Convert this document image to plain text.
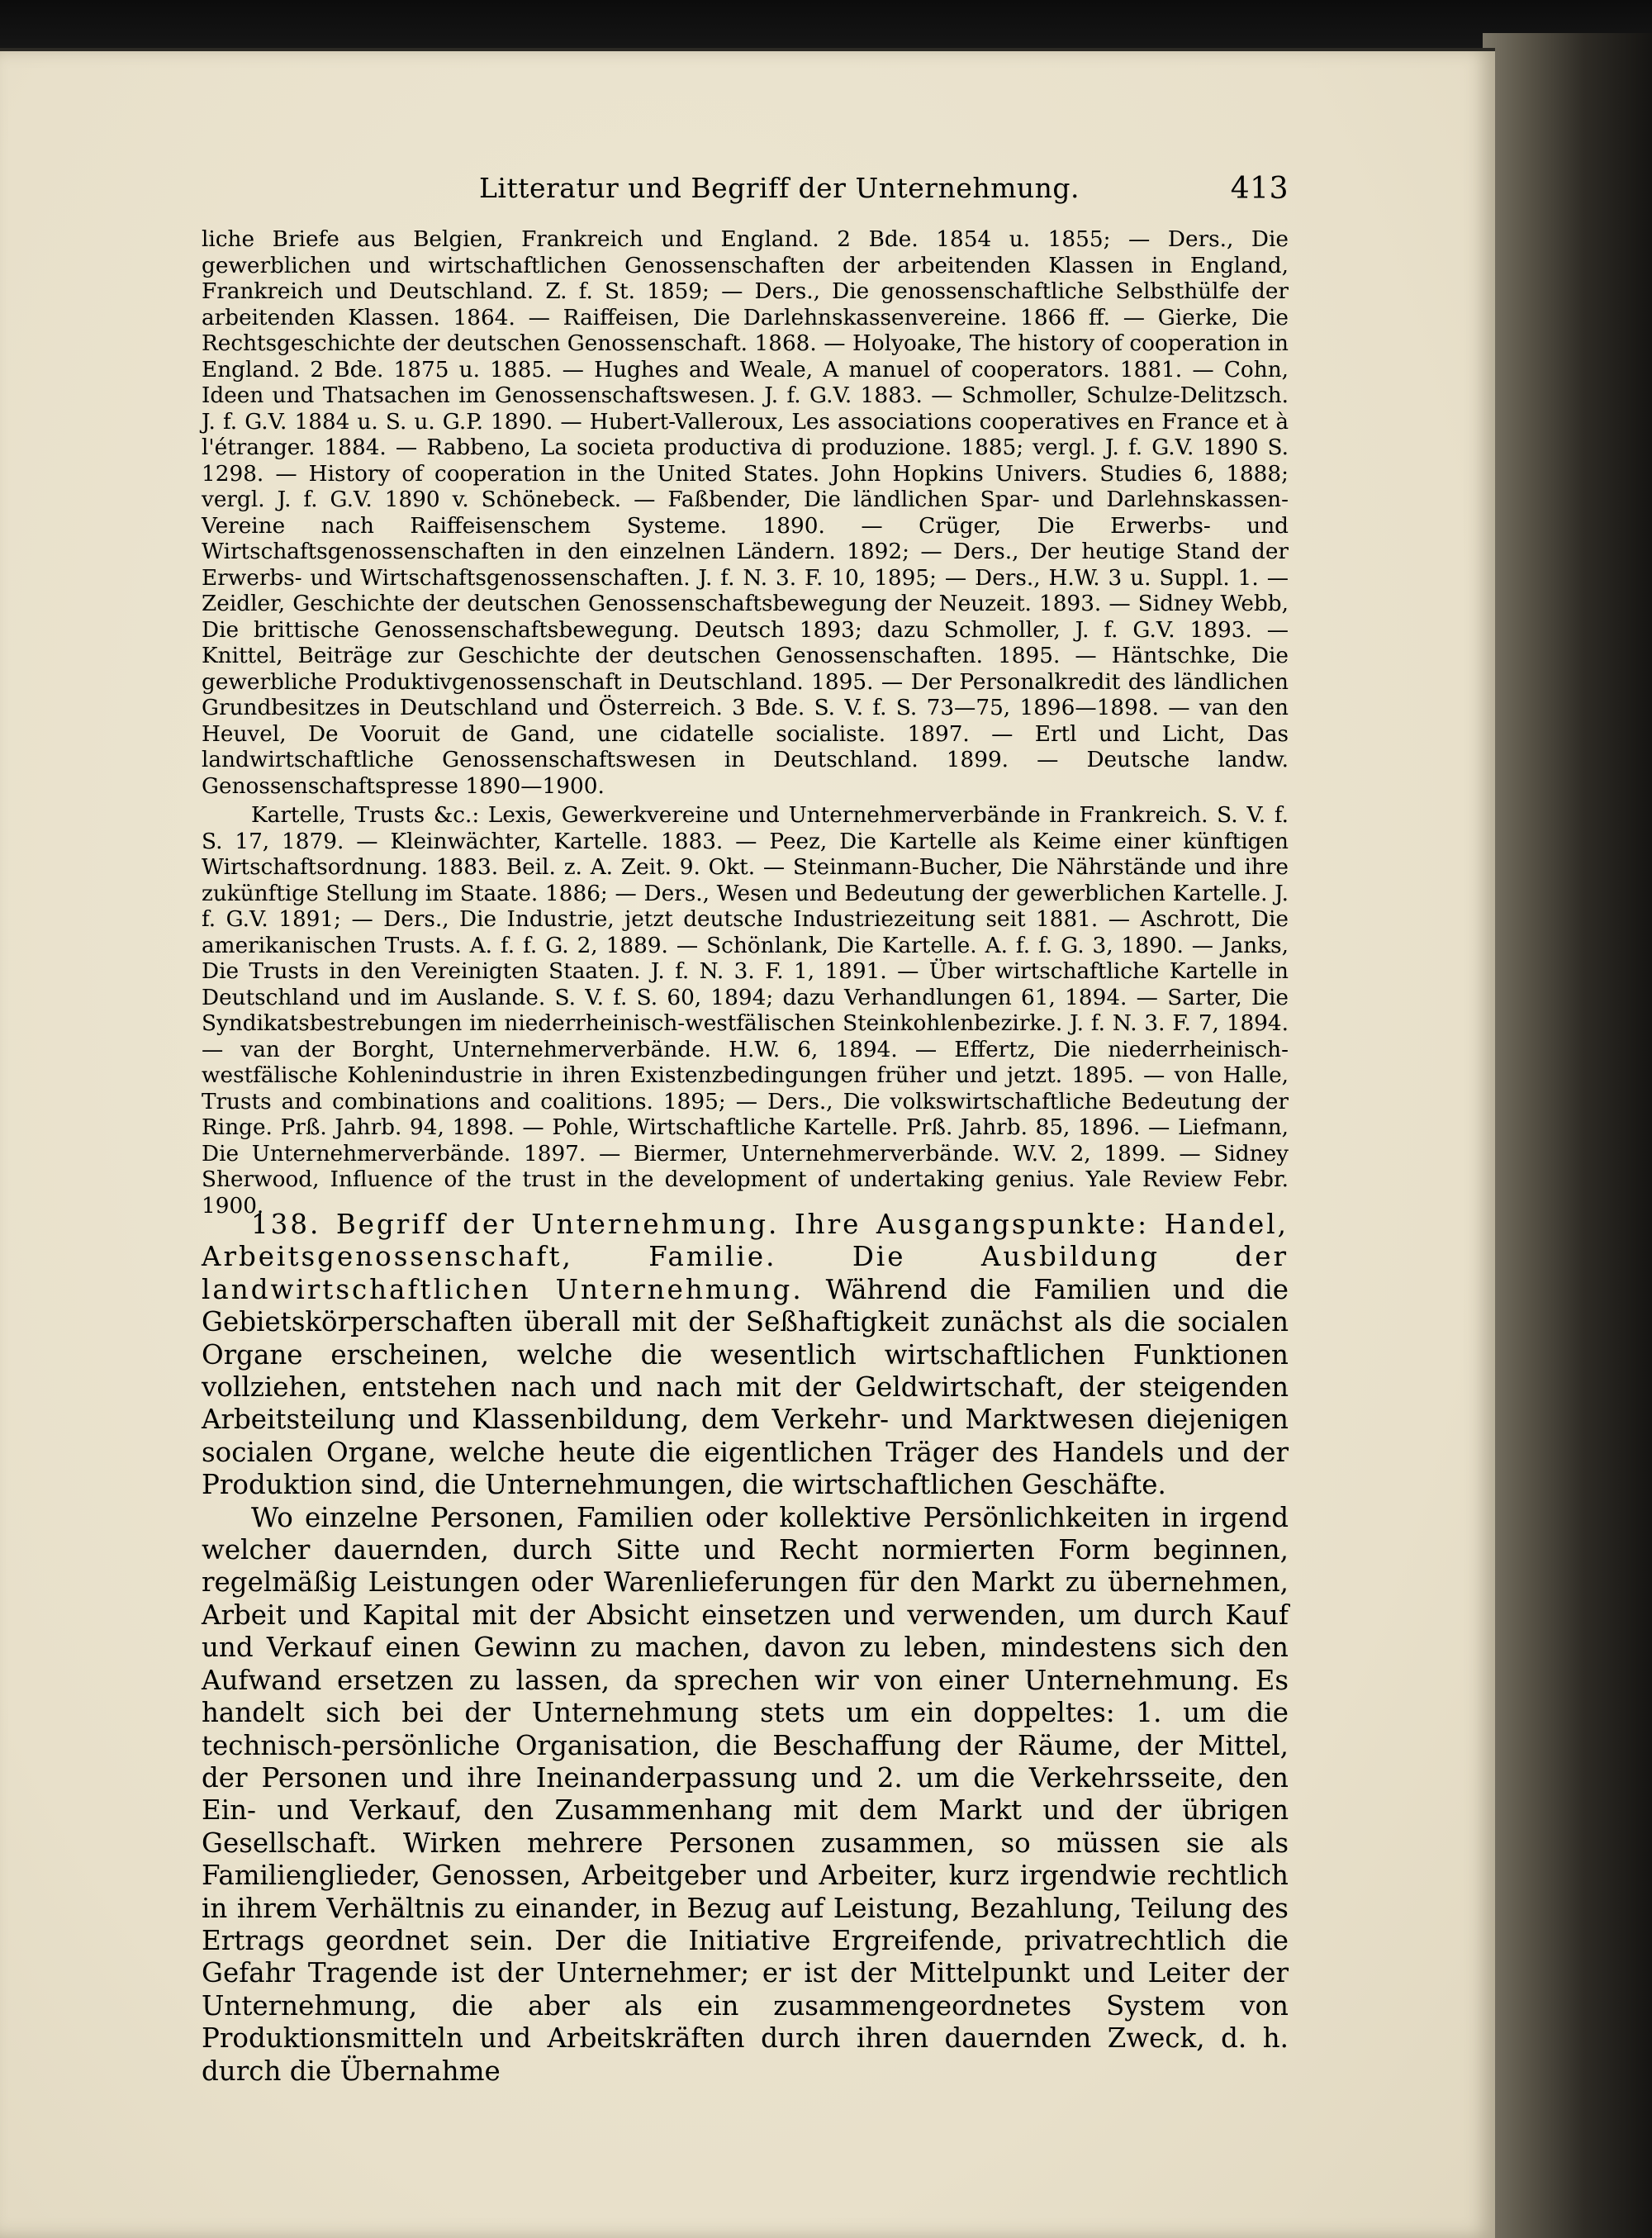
Litteratur und Begriff der Unternehmung.	413

liche Briefe aus Belgien, Frankreich und England. 2 Bde. 1854 u. 1855; — Ders., Die gewerblichen und wirtschaftlichen Genossenschaften der arbeitenden Klassen in England, Frankreich und Deutschland. Z. f. St. 1859; — Ders., Die genossenschaftliche Selbsthülfe der arbeitenden Klassen. 1864. — Raiffeisen, Die Darlehnskassenvereine. 1866 ff. — Gierke, Die Rechtsgeschichte der deutschen Genossenschaft. 1868. — Holyoake, The history of cooperation in England. 2 Bde. 1875 u. 1885. — Hughes and Weale, A manuel of cooperators. 1881. — Cohn, Ideen und Thatsachen im Genossenschaftswesen. J. f. G.V. 1883. — Schmoller, Schulze-Delitzsch. J. f. G.V. 1884 u. S. u. G.P. 1890. — Hubert-Valleroux, Les associations cooperatives en France et à l'étranger. 1884. — Rabbeno, La societa productiva di produzione. 1885; vergl. J. f. G.V. 1890 S. 1298. — History of cooperation in the United States. John Hopkins Univers. Studies 6, 1888; vergl. J. f. G.V. 1890 v. Schönebeck. — Faßbender, Die ländlichen Spar- und Darlehnskassen-Vereine nach Raiffeisenschem Systeme. 1890. — Crüger, Die Erwerbs- und Wirtschaftsgenossenschaften in den einzelnen Ländern. 1892; — Ders., Der heutige Stand der Erwerbs- und Wirtschaftsgenossenschaften. J. f. N. 3. F. 10, 1895; — Ders., H.W. 3 u. Suppl. 1. — Zeidler, Geschichte der deutschen Genossenschaftsbewegung der Neuzeit. 1893. — Sidney Webb, Die brittische Genossenschaftsbewegung. Deutsch 1893; dazu Schmoller, J. f. G.V. 1893. — Knittel, Beiträge zur Geschichte der deutschen Genossenschaften. 1895. — Häntschke, Die gewerbliche Produktivgenossenschaft in Deutschland. 1895. — Der Personalkredit des ländlichen Grundbesitzes in Deutschland und Österreich. 3 Bde. S. V. f. S. 73—75, 1896—1898. — van den Heuvel, De Vooruit de Gand, une cidatelle socialiste. 1897. — Ertl und Licht, Das landwirtschaftliche Genossenschaftswesen in Deutschland. 1899. — Deutsche landw. Genossenschaftspresse 1890—1900.

Kartelle, Trusts &c.: Lexis, Gewerkvereine und Unternehmerverbände in Frankreich. S. V. f. S. 17, 1879. — Kleinwächter, Kartelle. 1883. — Peez, Die Kartelle als Keime einer künftigen Wirtschaftsordnung. 1883. Beil. z. A. Zeit. 9. Okt. — Steinmann-Bucher, Die Nährstände und ihre zukünftige Stellung im Staate. 1886; — Ders., Wesen und Bedeutung der gewerblichen Kartelle. J. f. G.V. 1891; — Ders., Die Industrie, jetzt deutsche Industriezeitung seit 1881. — Aschrott, Die amerikanischen Trusts. A. f. f. G. 2, 1889. — Schönlank, Die Kartelle. A. f. f. G. 3, 1890. — Janks, Die Trusts in den Vereinigten Staaten. J. f. N. 3. F. 1, 1891. — Über wirtschaftliche Kartelle in Deutschland und im Auslande. S. V. f. S. 60, 1894; dazu Verhandlungen 61, 1894. — Sarter, Die Syndikatsbestrebungen im niederrheinisch-westfälischen Steinkohlenbezirke. J. f. N. 3. F. 7, 1894. — van der Borght, Unternehmerverbände. H.W. 6, 1894. — Effertz, Die niederrheinisch-westfälische Kohlenindustrie in ihren Existenzbedingungen früher und jetzt. 1895. — von Halle, Trusts and combinations and coalitions. 1895; — Ders., Die volkswirtschaftliche Bedeutung der Ringe. Prß. Jahrb. 94, 1898. — Pohle, Wirtschaftliche Kartelle. Prß. Jahrb. 85, 1896. — Liefmann, Die Unternehmerverbände. 1897. — Biermer, Unternehmerverbände. W.V. 2, 1899. — Sidney Sherwood, Influence of the trust in the development of undertaking genius. Yale Review Febr. 1900.

138. Begriff der Unternehmung. Ihre Ausgangspunkte: Handel, Arbeitsgenossenschaft, Familie. Die Ausbildung der landwirtschaftlichen Unternehmung. Während die Familien und die Gebietskörperschaften überall mit der Seßhaftigkeit zunächst als die socialen Organe erscheinen, welche die wesentlich wirtschaftlichen Funktionen vollziehen, entstehen nach und nach mit der Geldwirtschaft, der steigenden Arbeitsteilung und Klassenbildung, dem Verkehr- und Marktwesen diejenigen socialen Organe, welche heute die eigentlichen Träger des Handels und der Produktion sind, die Unternehmungen, die wirtschaftlichen Geschäfte.

Wo einzelne Personen, Familien oder kollektive Persönlichkeiten in irgend welcher dauernden, durch Sitte und Recht normierten Form beginnen, regelmäßig Leistungen oder Warenlieferungen für den Markt zu übernehmen, Arbeit und Kapital mit der Absicht einsetzen und verwenden, um durch Kauf und Verkauf einen Gewinn zu machen, davon zu leben, mindestens sich den Aufwand ersetzen zu lassen, da sprechen wir von einer Unternehmung. Es handelt sich bei der Unternehmung stets um ein doppeltes: 1. um die technisch-persönliche Organisation, die Beschaffung der Räume, der Mittel, der Personen und ihre Ineinanderpassung und 2. um die Verkehrsseite, den Ein- und Verkauf, den Zusammenhang mit dem Markt und der übrigen Gesellschaft. Wirken mehrere Personen zusammen, so müssen sie als Familienglieder, Genossen, Arbeitgeber und Arbeiter, kurz irgendwie rechtlich in ihrem Verhältnis zu einander, in Bezug auf Leistung, Bezahlung, Teilung des Ertrags geordnet sein. Der die Initiative Ergreifende, privatrechtlich die Gefahr Tragende ist der Unternehmer; er ist der Mittelpunkt und Leiter der Unternehmung, die aber als ein zusammengeordnetes System von Produktionsmitteln und Arbeitskräften durch ihren dauernden Zweck, d. h. durch die Übernahme
